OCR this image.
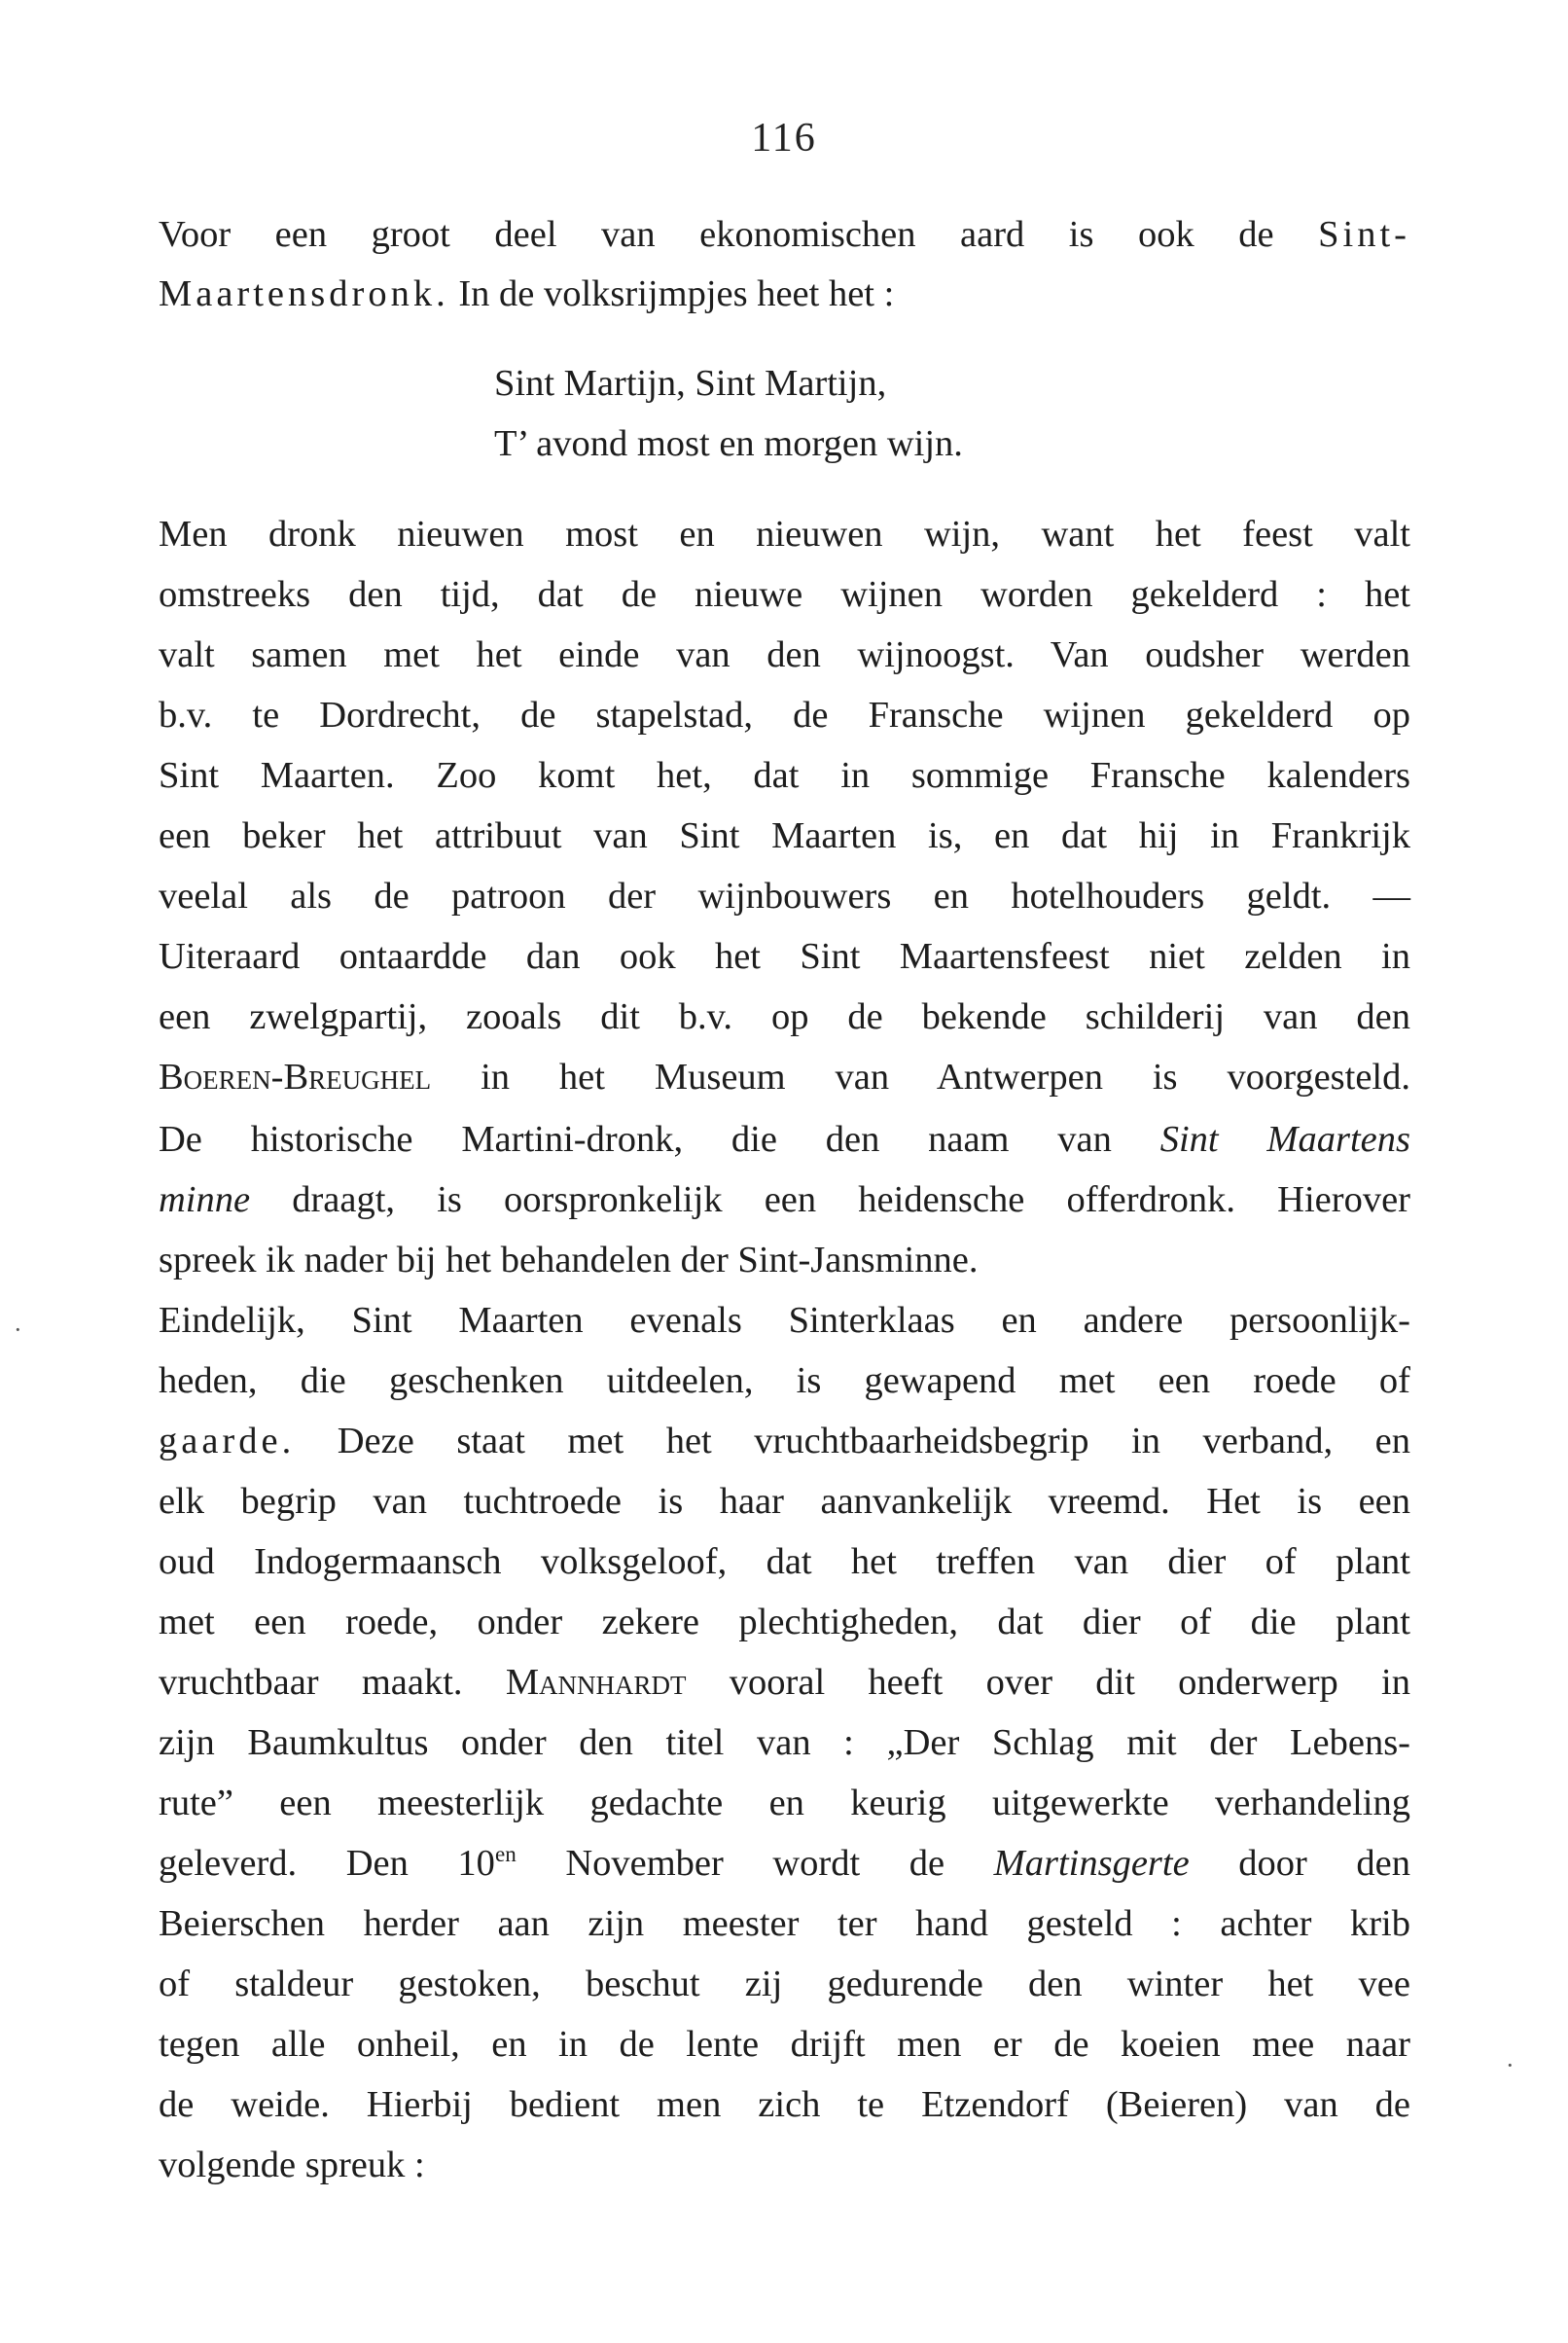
116
Voor een groot deel van ekonomischen aard is ook de Sint-
Maartensdronk. In de volksrijmpjes heet het :
Sint Martijn, Sint Martijn,
T’ avond most en morgen wijn.
Men dronk nieuwen most en nieuwen wijn, want het feest valt
omstreeks den tijd, dat de nieuwe wijnen worden gekelderd : het
valt samen met het einde van den wijnoogst. Van oudsher werden
b.v. te Dordrecht, de stapelstad, de Fransche wijnen gekelderd op
Sint Maarten. Zoo komt het, dat in sommige Fransche kalenders
een beker het attribuut van Sint Maarten is, en dat hij in Frankrijk
veelal als de patroon der wijnbouwers en hotelhouders geldt. —
Uiteraard ontaardde dan ook het Sint Maartensfeest niet zelden in
een zwelgpartij, zooals dit b.v. op de bekende schilderij van den
Boeren-Breughel in het Museum van Antwerpen is voorgesteld.
De historische Martini-dronk, die den naam van Sint Maartens
minne draagt, is oorspronkelijk een heidensche offerdronk. Hierover
spreek ik nader bij het behandelen der Sint-Jansminne.
Eindelijk, Sint Maarten evenals Sinterklaas en andere persoonlijk-
heden, die geschenken uitdeelen, is gewapend met een roede of
gaarde. Deze staat met het vruchtbaarheidsbegrip in verband, en
elk begrip van tuchtroede is haar aanvankelijk vreemd. Het is een
oud Indogermaansch volksgeloof, dat het treffen van dier of plant
met een roede, onder zekere plechtigheden, dat dier of die plant
vruchtbaar maakt. Mannhardt vooral heeft over dit onderwerp in
zijn Baumkultus onder den titel van : „Der Schlag mit der Lebens-
rute” een meesterlijk gedachte en keurig uitgewerkte verhandeling
geleverd. Den $10^{en}$ November wordt de Martinsgerte door den
Beierschen herder aan zijn meester ter hand gesteld : achter krib
of staldeur gestoken, beschut zij gedurende den winter het vee
tegen alle onheil, en in de lente drijft men er de koeien mee naar
de weide. Hierbij bedient men zich te Etzendorf (Beieren) van de
volgende spreuk :
·
·
